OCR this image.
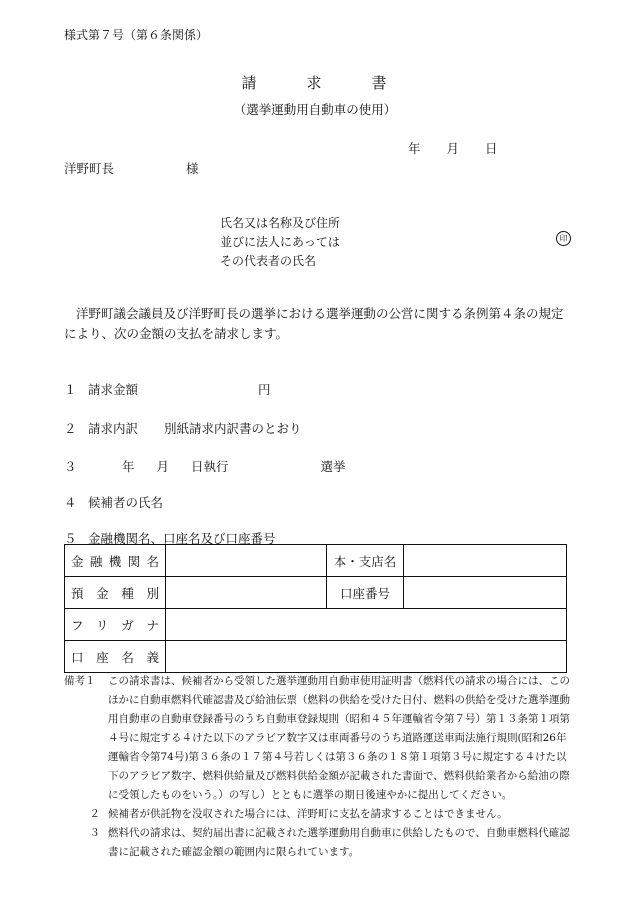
様式第７号（第６条関係）
請	求	書
（選挙運動用自動車の使用）
年 月 日
洋野町長	様
氏名又は名称及び住所
並びに法人にあっては
その代表者の氏名
印
洋野町議会議員及び洋野町長の選挙における選挙運動の公営に関する条例第４条の規定により、次の金額の支払を請求します。
１ 請求金額	円
２ 請求内訳 別紙請求内訳書のとおり
３	年 月 日執行	選挙
４ 候補者の氏名
５ 金融機関名、口座名及び口座番号
金融機関名		本・支店名	
預金種別		口座番号	
フリガナ			
口座名義			
備考１	この請求書は、候補者から受領した選挙運動用自動車使用証明書（燃料代の請求の場合には、このほかに自動車燃料代確認書及び給油伝票（燃料の供給を受けた日付、燃料の供給を受けた選挙運動用自動車の自動車登録番号のうち自動車登録規則（昭和４５年運輸省令第７号）第１３条第１項第４号に規定する４けた以下のアラビア数字又は車両番号のうち道路運送車両法施行規則(昭和26年運輸省令第74号)第３６条の１７第４号若しくは第３６条の１８第１項第３号に規定する４けた以下のアラビア数字、燃料供給量及び燃料供給金額が記載された書面で、燃料供給業者から給油の際に受領したものをいう。）の写し）とともに選挙の期日後速やかに提出してください。
２ 候補者が供託物を没収された場合には、洋野町に支払を請求することはできません。
３ 燃料代の請求は、契約届出書に記載された選挙運動用自動車に供給したもので、自動車燃料代確認書に記載された確認金額の範囲内に限られています。
